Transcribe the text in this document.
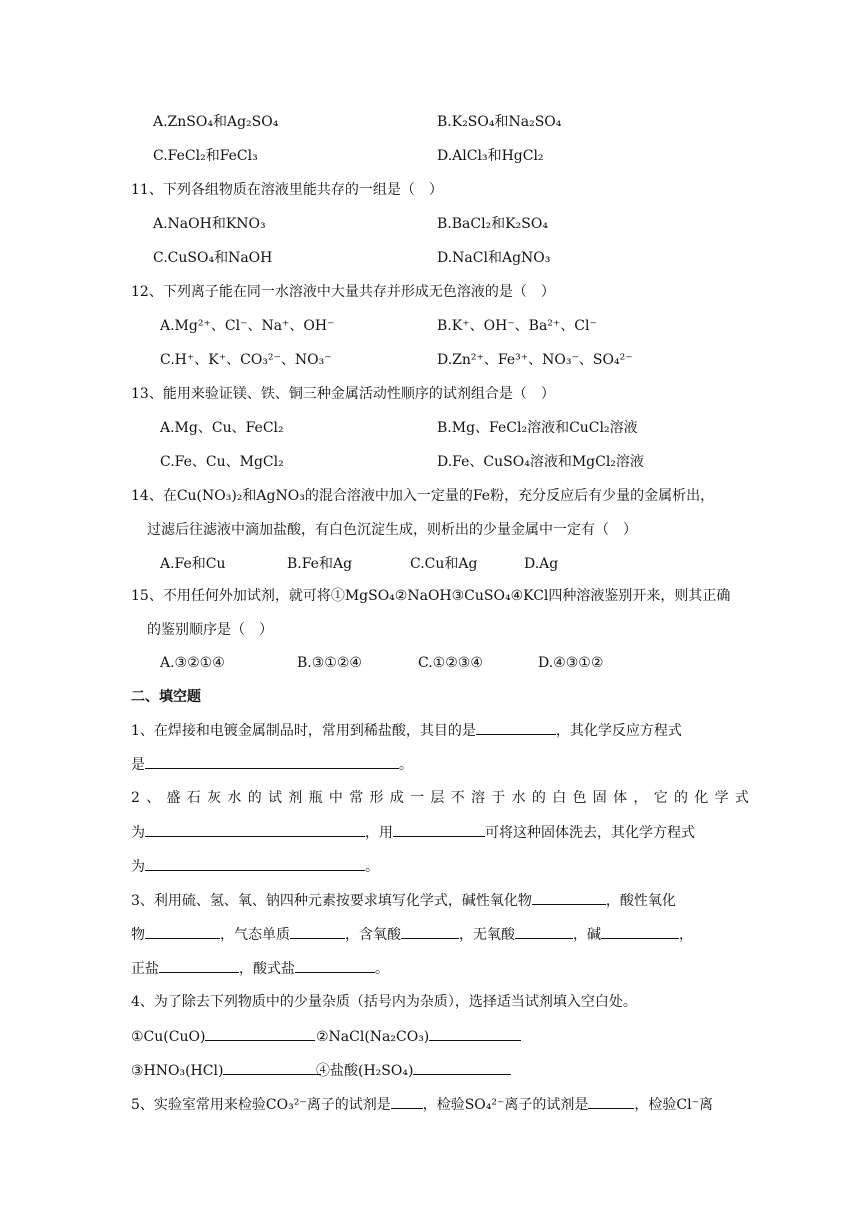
A.ZnSO₄和Ag₂SO₄	B.K₂SO₄和Na₂SO₄
C.FeCl₂和FeCl₃	D.AlCl₃和HgCl₂
11、下列各组物质在溶液里能共存的一组是（　）
A.NaOH和KNO₃	B.BaCl₂和K₂SO₄
C.CuSO₄和NaOH	D.NaCl和AgNO₃
12、下列离子能在同一水溶液中大量共存并形成无色溶液的是（　）
A.Mg²⁺、Cl⁻、Na⁺、OH⁻	B.K⁺、OH⁻、Ba²⁺、Cl⁻
C.H⁺、K⁺、CO₃²⁻、NO₃⁻	D.Zn²⁺、Fe³⁺、NO₃⁻、SO₄²⁻
13、能用来验证镁、铁、铜三种金属活动性顺序的试剂组合是（　）
A.Mg、Cu、FeCl₂	B.Mg、FeCl₂溶液和CuCl₂溶液
C.Fe、Cu、MgCl₂	D.Fe、CuSO₄溶液和MgCl₂溶液
14、在Cu(NO₃)₂和AgNO₃的混合溶液中加入一定量的Fe粉，充分反应后有少量的金属析出，
过滤后往滤液中滴加盐酸，有白色沉淀生成，则析出的少量金属中一定有（　）
A.Fe和Cu	B.Fe和Ag	C.Cu和Ag	D.Ag
15、不用任何外加试剂，就可将①MgSO₄②NaOH③CuSO₄④KCl四种溶液鉴别开来，则其正确
的鉴别顺序是（　）
A.③②①④	B.③①②④	C.①②③④	D.④③①②
二、填空题
1、在焊接和电镀金属制品时，常用到稀盐酸，其目的是	，其化学反应方程式
是	。
2、盛石灰水的试剂瓶中常形成一层不溶于水的白色固体，它的化学式
为	，用	可将这种固体洗去，其化学方程式
为	。
3、利用硫、氢、氧、钠四种元素按要求填写化学式，碱性氧化物	，酸性氧化
物	，气态单质	，含氧酸	，无氧酸	，碱	，
正盐	，酸式盐	。
4、为了除去下列物质中的少量杂质（括号内为杂质），选择适当试剂填入空白处。
①Cu(CuO)	②NaCl(Na₂CO₃)
③HNO₃(HCl)	④盐酸(H₂SO₄)
5、实验室常用来检验CO₃²⁻离子的试剂是 ，检验SO₄²⁻离子的试剂是	，检验Cl⁻离
